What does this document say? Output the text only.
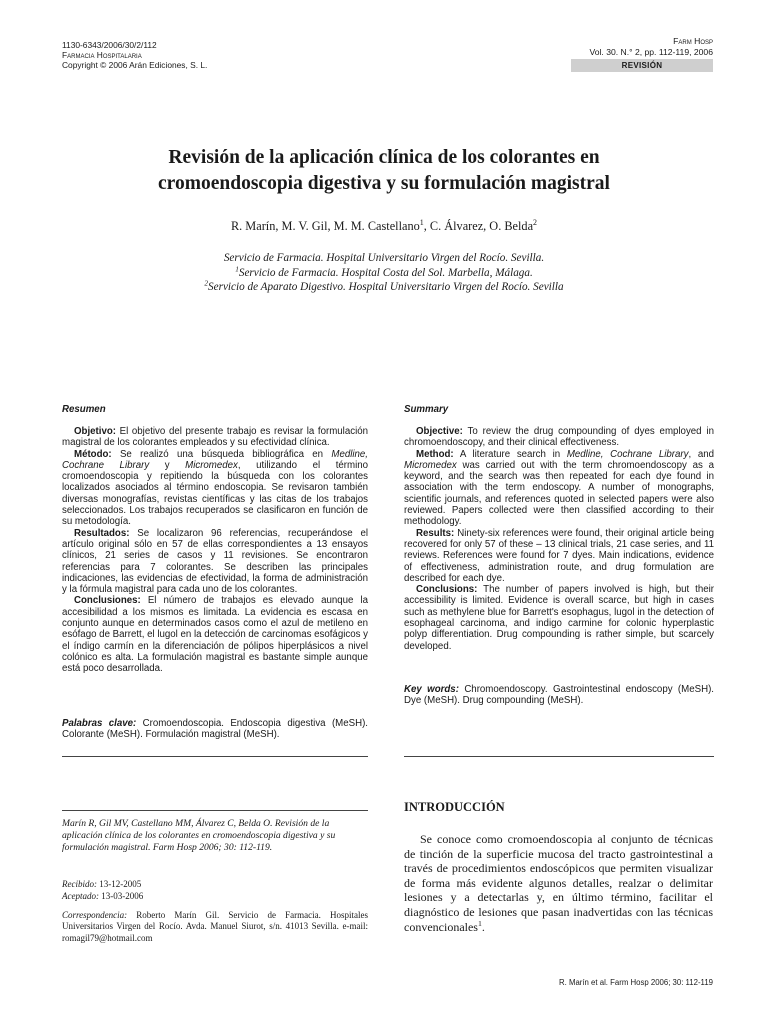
1130-6343/2006/30/2/112
Farmacia Hospitalaria
Copyright © 2006 Arán Ediciones, S. L.
Farm Hosp
Vol. 30. N.° 2, pp. 112-119, 2006
REVISIÓN
Revisión de la aplicación clínica de los colorantes en
cromoendoscopia digestiva y su formulación magistral
R. Marín, M. V. Gil, M. M. Castellano$^1$, C. Álvarez, O. Belda$^2$
Servicio de Farmacia. Hospital Universitario Virgen del Rocío. Sevilla.
$^1$Servicio de Farmacia. Hospital Costa del Sol. Marbella, Málaga.
$^2$Servicio de Aparato Digestivo. Hospital Universitario Virgen del Rocío. Sevilla
Resumen

Objetivo: El objetivo del presente trabajo es revisar la formulación magistral de los colorantes empleados y su efectividad clínica.

Método: Se realizó una búsqueda bibliográfica en Medline, Cochrane Library y Micromedex, utilizando el término cromoendoscopia y repitiendo la búsqueda con los colorantes localizados asociados al término endoscopia. Se revisaron también diversas monografías, revistas científicas y las citas de los trabajos seleccionados. Los trabajos recuperados se clasificaron en función de su metodología.

Resultados: Se localizaron 96 referencias, recuperándose el artículo original sólo en 57 de ellas correspondientes a 13 ensayos clínicos, 21 series de casos y 11 revisiones. Se encontraron referencias para 7 colorantes. Se describen las principales indicaciones, las evidencias de efectividad, la forma de administración y la fórmula magistral para cada uno de los colorantes.

Conclusiones: El número de trabajos es elevado aunque la accesibilidad a los mismos es limitada. La evidencia es escasa en conjunto aunque en determinados casos como el azul de metileno en esófago de Barrett, el lugol en la detección de carcinomas esofágicos y el índigo carmín en la diferenciación de pólipos hiperplásicos a nivel colónico es alta. La formulación magistral es bastante simple aunque está poco desarrollada.

Palabras clave: Cromoendoscopia. Endoscopia digestiva (MeSH). Colorante (MeSH). Formulación magistral (MeSH).
Summary

Objective: To review the drug compounding of dyes employed in chromoendoscopy, and their clinical effectiveness.

Method: A literature search in Medline, Cochrane Library, and Micromedex was carried out with the term chromoendoscopy as a keyword, and the search was then repeated for each dye found in association with the term endoscopy. A number of monographs, scientific journals, and references quoted in selected papers were also reviewed. Papers collected were then classified according to their methodology.

Results: Ninety-six references were found, their original article being recovered for only 57 of these – 13 clinical trials, 21 case series, and 11 reviews. References were found for 7 dyes. Main indications, evidence of effectiveness, administration route, and drug formulation are described for each dye.

Conclusions: The number of papers involved is high, but their accessibility is limited. Evidence is overall scarce, but high in cases such as methylene blue for Barrett's esophagus, lugol in the detection of esophageal carcinoma, and indigo carmine for colonic hyperplastic polyp differentiation. Drug compounding is rather simple, but scarcely developed.

Key words: Chromoendoscopy. Gastrointestinal endoscopy (MeSH). Dye (MeSH). Drug compounding (MeSH).
Marín R, Gil MV, Castellano MM, Álvarez C, Belda O. Revisión de la aplicación clínica de los colorantes en cromoendoscopia digestiva y su formulación magistral. Farm Hosp 2006; 30: 112-119.
Recibido: 13-12-2005
Aceptado: 13-03-2006
Correspondencia: Roberto Marín Gil. Servicio de Farmacia. Hospitales Universitarios Virgen del Rocío. Avda. Manuel Siurot, s/n. 41013 Sevilla. e-mail: romagil79@hotmail.com
INTRODUCCIÓN

Se conoce como cromoendoscopia al conjunto de técnicas de tinción de la superficie mucosa del tracto gastrointestinal a través de procedimientos endoscópicos que permiten visualizar de forma más evidente algunos detalles, realzar o delimitar lesiones y a detectarlas y, en último término, facilitar el diagnóstico de lesiones que pasan inadvertidas con las técnicas convencionales$^1$.

R. Marín et al. Farm Hosp 2006; 30: 112-119
